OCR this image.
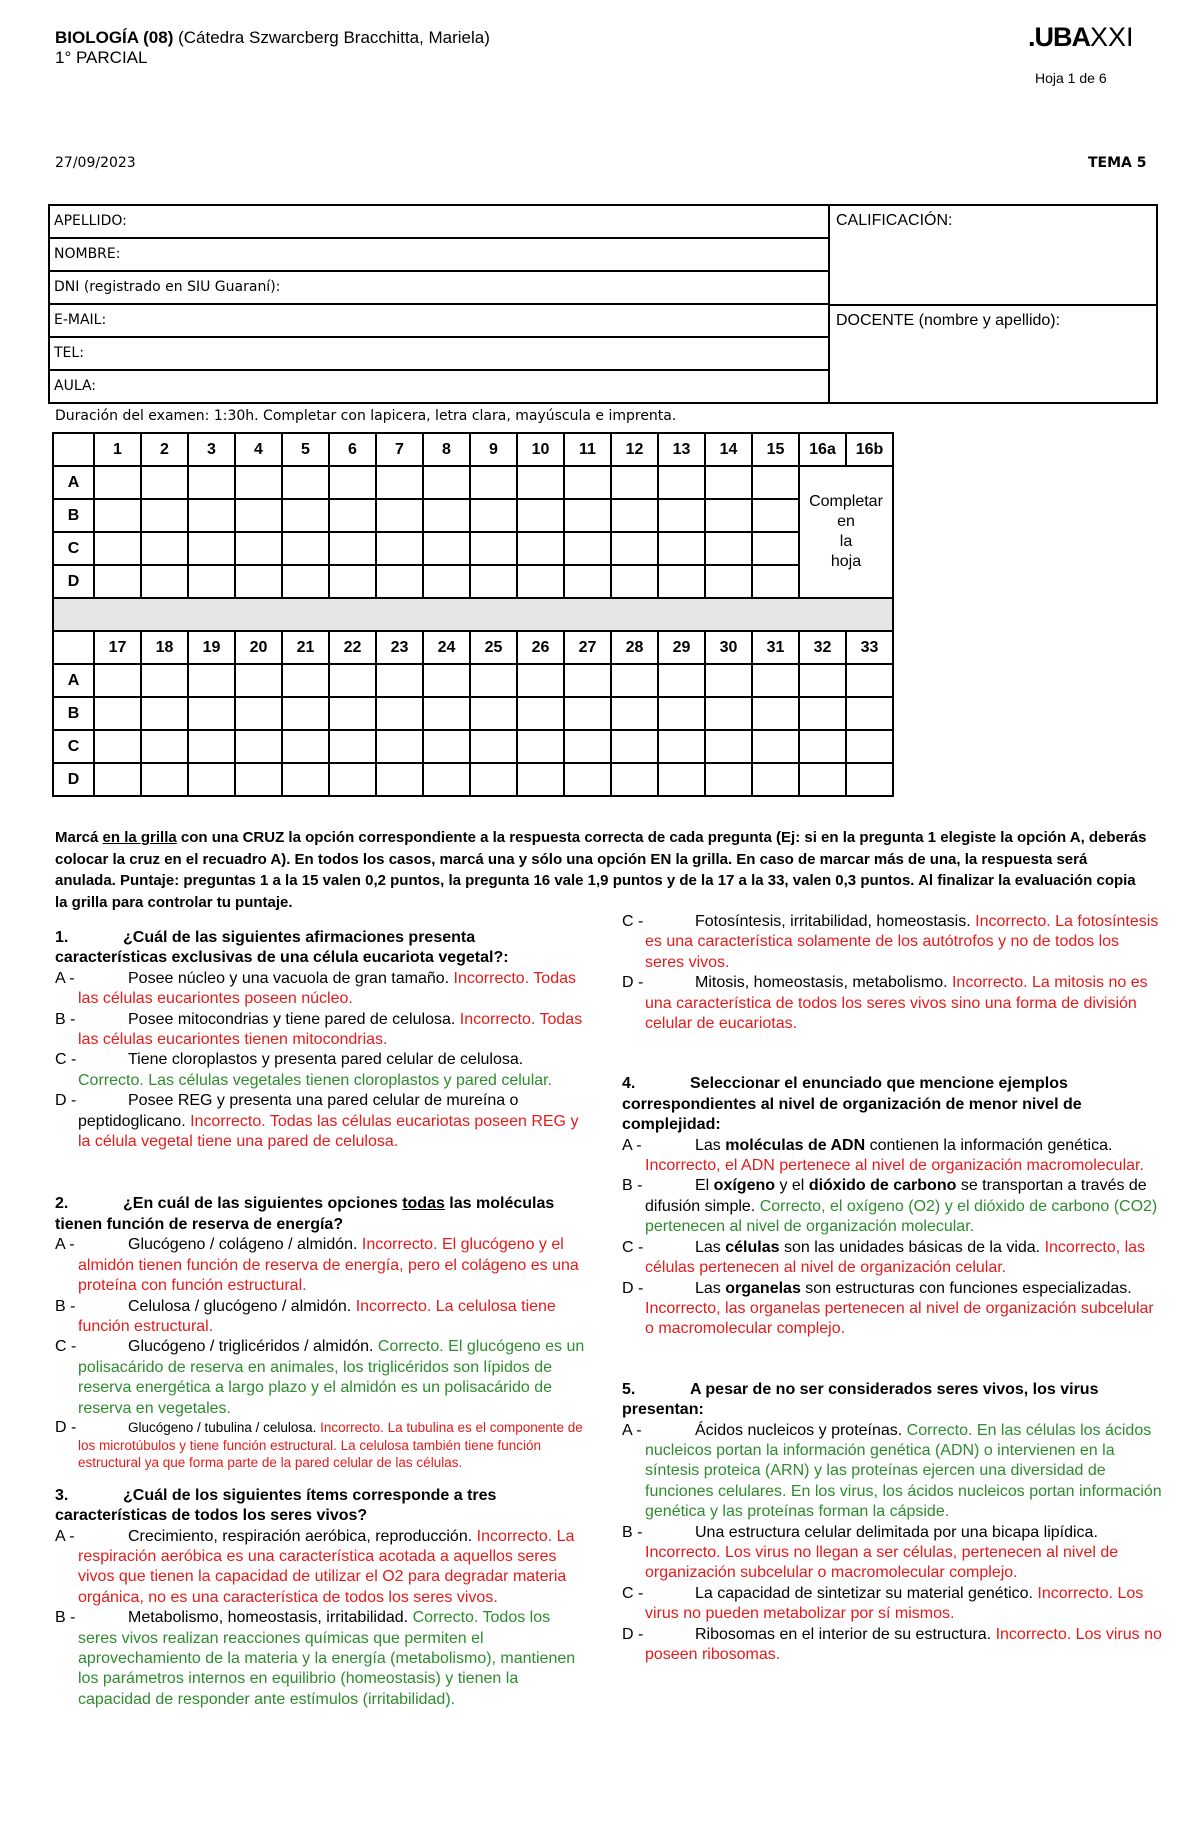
BIOLOGÍA (08) (Cátedra Szwarcberg Bracchitta, Mariela)
1° PARCIAL
.UBAXXI
Hoja 1 de 6
27/09/2023	TEMA 5
APELLIDO:
NOMBRE:
DNI (registrado en SIU Guaraní):
E-MAIL:
TEL:
AULA:
CALIFICACIÓN:
DOCENTE (nombre y apellido):
Duración del examen: 1:30h. Completar con lapicera, letra clara, mayúscula e imprenta.
	1	2	3	4	5	6	7	8	9	10	11	12	13	14	15	16a	16b
A																Completar
en
la
hoja	
B																	
C																	
D																	

	17	18	19	20	21	22	23	24	25	26	27	28	29	30	31	32	33
A																	
B																	
C																	
D																	
Marcá en la grilla con una CRUZ la opción correspondiente a la respuesta correcta de cada pregunta (Ej: si en la pregunta 1 elegiste la opción A, deberás colocar la cruz en el recuadro A). En todos los casos, marcá una y sólo una opción EN la grilla. En caso de marcar más de una, la respuesta será anulada. Puntaje: preguntas 1 a la 15 valen 0,2 puntos, la pregunta 16 vale 1,9 puntos y de la 17 a la 33, valen 0,3 puntos. Al finalizar la evaluación copia la grilla para controlar tu puntaje.
1.	¿Cuál de las siguientes afirmaciones presenta características exclusivas de una célula eucariota vegetal?:
A -	Posee núcleo y una vacuola de gran tamaño. Incorrecto. Todas las células eucariontes poseen núcleo.
B -	Posee mitocondrias y tiene pared de celulosa. Incorrecto. Todas las células eucariontes tienen mitocondrias.
C -	Tiene cloroplastos y presenta pared celular de celulosa. Correcto. Las células vegetales tienen cloroplastos y pared celular.
D -	Posee REG y presenta una pared celular de mureína o peptidoglicano. Incorrecto. Todas las células eucariotas poseen REG y la célula vegetal tiene una pared de celulosa.
2.	¿En cuál de las siguientes opciones todas las moléculas tienen función de reserva de energía?
A -	Glucógeno / colágeno / almidón. Incorrecto. El glucógeno y el almidón tienen función de reserva de energía, pero el colágeno es una proteína con función estructural.
B -	Celulosa / glucógeno / almidón. Incorrecto. La celulosa tiene función estructural.
C -	Glucógeno / triglicéridos / almidón. Correcto. El glucógeno es un polisacárido de reserva en animales, los triglicéridos son lípidos de reserva energética a largo plazo y el almidón es un polisacárido de reserva en vegetales.
D -	Glucógeno / tubulina / celulosa. Incorrecto. La tubulina es el componente de los microtúbulos y tiene función estructural. La celulosa también tiene función estructural ya que forma parte de la pared celular de las células.
3.	¿Cuál de los siguientes ítems corresponde a tres características de todos los seres vivos?
A -	Crecimiento, respiración aeróbica, reproducción. Incorrecto. La respiración aeróbica es una característica acotada a aquellos seres vivos que tienen la capacidad de utilizar el O2 para degradar materia orgánica, no es una característica de todos los seres vivos.
B -	Metabolismo, homeostasis, irritabilidad. Correcto. Todos los seres vivos realizan reacciones químicas que permiten el aprovechamiento de la materia y la energía (metabolismo), mantienen los parámetros internos en equilibrio (homeostasis) y tienen la capacidad de responder ante estímulos (irritabilidad).
C -	Fotosíntesis, irritabilidad, homeostasis. Incorrecto. La fotosíntesis es una característica solamente de los autótrofos y no de todos los seres vivos.
D -	Mitosis, homeostasis, metabolismo. Incorrecto. La mitosis no es una característica de todos los seres vivos sino una forma de división celular de eucariotas.
4.	Seleccionar el enunciado que mencione ejemplos correspondientes al nivel de organización de menor nivel de complejidad:
A -	Las moléculas de ADN contienen la información genética. Incorrecto, el ADN pertenece al nivel de organización macromolecular.
B -	El oxígeno y el dióxido de carbono se transportan a través de difusión simple. Correcto, el oxígeno (O2) y el dióxido de carbono (CO2) pertenecen al nivel de organización molecular.
C -	Las células son las unidades básicas de la vida. Incorrecto, las células pertenecen al nivel de organización celular.
D -	Las organelas son estructuras con funciones especializadas. Incorrecto, las organelas pertenecen al nivel de organización subcelular o macromolecular complejo.
5.	A pesar de no ser considerados seres vivos, los virus presentan:
A -	Ácidos nucleicos y proteínas. Correcto. En las células los ácidos nucleicos portan la información genética (ADN) o intervienen en la síntesis proteica (ARN) y las proteínas ejercen una diversidad de funciones celulares. En los virus, los ácidos nucleicos portan información genética y las proteínas forman la cápside.
B -	Una estructura celular delimitada por una bicapa lipídica. Incorrecto. Los virus no llegan a ser células, pertenecen al nivel de organización subcelular o macromolecular complejo.
C -	La capacidad de sintetizar su material genético. Incorrecto. Los virus no pueden metabolizar por sí mismos.
D -	Ribosomas en el interior de su estructura. Incorrecto. Los virus no poseen ribosomas.
